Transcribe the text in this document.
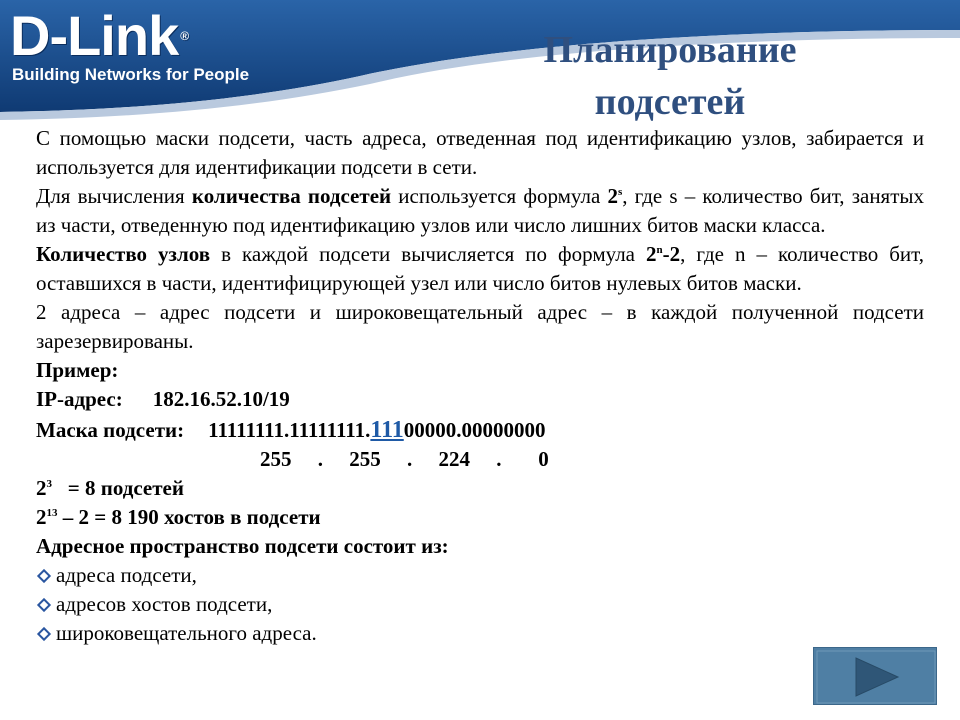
D-Link ®
Building Networks for People
Планирование
подсетей

С помощью маски подсети, часть адреса, отведенная под идентификацию узлов, забирается и используется для идентификации подсети в сети.

Для вычисления количества подсетей используется формула 2$^s$, где s – количество бит, занятых из части, отведенную под идентификацию узлов или число лишних битов маски класса.

Количество узлов в каждой подсети вычисляется по формула 2$^n$-2, где n – количество бит, оставшихся в части, идентифицирующей узел или число битов нулевых битов маски.

2 адреса – адрес подсети и широковещательный адрес – в каждой полученной подсети зарезервированы.

Пример:

IP-адрес: 182.16.52.10/19

Маска подсети: 11111111.11111111.11100000.00000000

255     .     255     .     224     .       0

$2^3 = 8$ подсетей

$2^{13} - 2 = 8$ 190 хостов в подсети

Адресное пространство подсети состоит из:

адреса подсети,

адресов хостов подсети,

широковещательного адреса.
